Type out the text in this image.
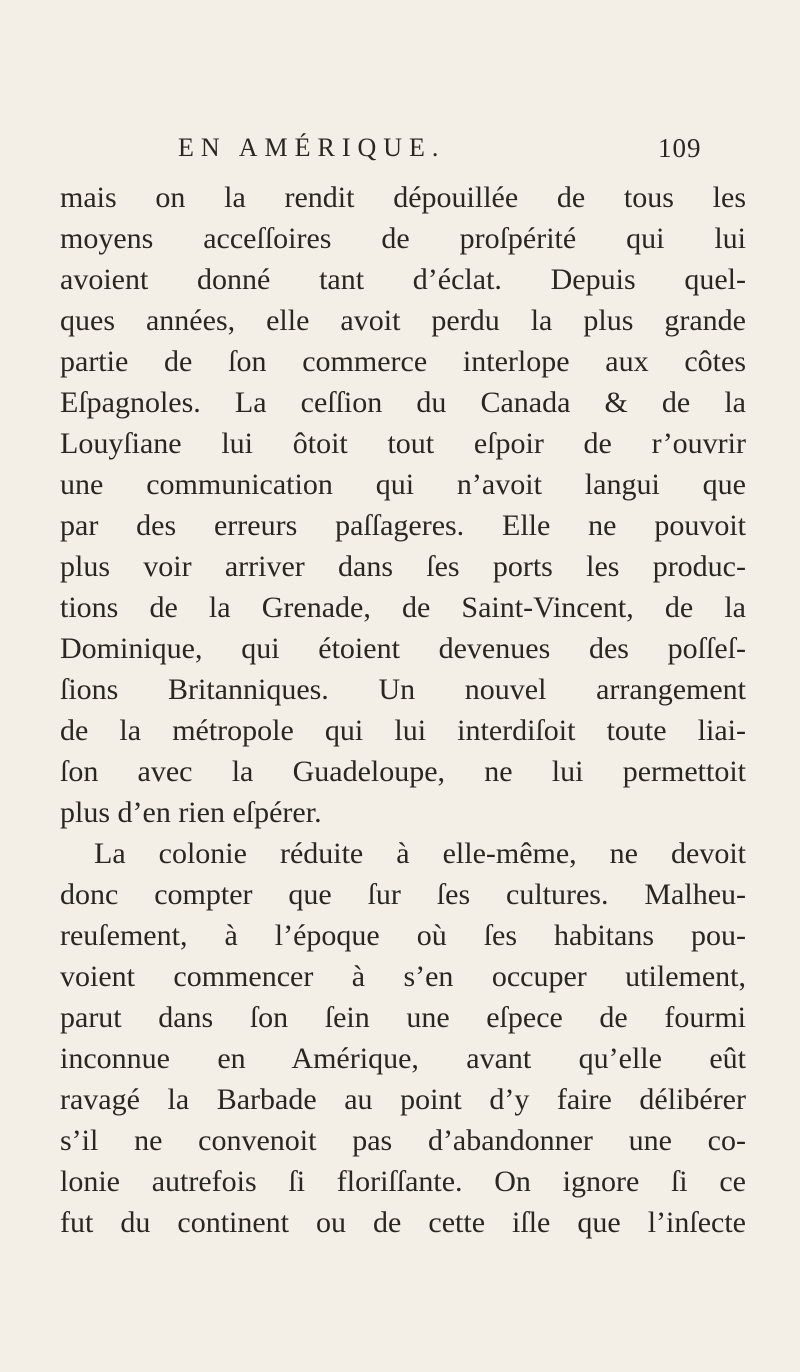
EN AMÉRIQUE.	109
mais on la rendit dépouillée de tous les
moyens acceſſoires de proſpérité qui lui
avoient donné tant d’éclat. Depuis quel-
ques années, elle avoit perdu la plus grande
partie de ſon commerce interlope aux côtes
Eſpagnoles. La ceſſion du Canada & de la
Louyſiane lui ôtoit tout eſpoir de r’ouvrir
une communication qui n’avoit langui que
par des erreurs paſſageres. Elle ne pouvoit
plus voir arriver dans ſes ports les produc-
tions de la Grenade, de Saint-Vincent, de la
Dominique, qui étoient devenues des poſſeſ-
ſions Britanniques. Un nouvel arrangement
de la métropole qui lui interdiſoit toute liai-
ſon avec la Guadeloupe, ne lui permettoit
plus d’en rien eſpérer.
La colonie réduite à elle-même, ne devoit
donc compter que ſur ſes cultures. Malheu-
reuſement, à l’époque où ſes habitans pou-
voient commencer à s’en occuper utilement,
parut dans ſon ſein une eſpece de fourmi
inconnue en Amérique, avant qu’elle eût
ravagé la Barbade au point d’y faire délibérer
s’il ne convenoit pas d’abandonner une co-
lonie autrefois ſi floriſſante. On ignore ſi ce
fut du continent ou de cette iſle que l’inſecte
